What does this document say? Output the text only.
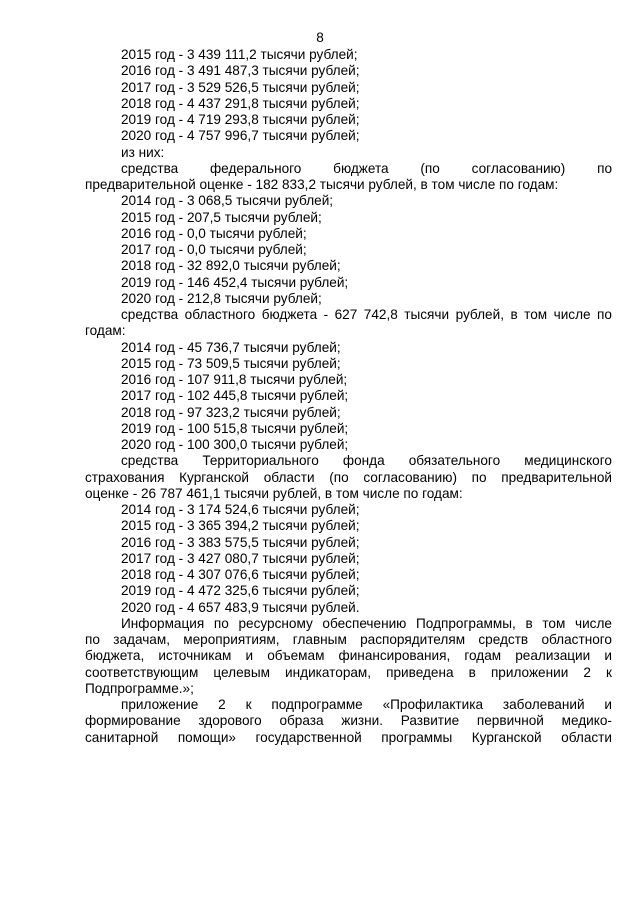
8
2015 год - 3 439 111,2 тысячи рублей;
2016 год - 3 491 487,3 тысячи рублей;
2017 год - 3 529 526,5 тысячи рублей;
2018 год - 4 437 291,8 тысячи рублей;
2019 год - 4 719 293,8 тысячи рублей;
2020 год - 4 757 996,7 тысячи рублей;
из них:
средства федерального бюджета (по согласованию) по
предварительной оценке - 182 833,2 тысячи рублей, в том числе по годам:
2014 год - 3 068,5 тысячи рублей;
2015 год - 207,5 тысячи рублей;
2016 год - 0,0 тысячи рублей;
2017 год - 0,0 тысячи рублей;
2018 год - 32 892,0 тысячи рублей;
2019 год - 146 452,4 тысячи рублей;
2020 год - 212,8 тысячи рублей;
средства областного бюджета - 627 742,8 тысячи рублей, в том числе по
годам:
2014 год - 45 736,7 тысячи рублей;
2015 год - 73 509,5 тысячи рублей;
2016 год - 107 911,8 тысячи рублей;
2017 год - 102 445,8 тысячи рублей;
2018 год - 97 323,2 тысячи рублей;
2019 год - 100 515,8 тысячи рублей;
2020 год - 100 300,0 тысячи рублей;
средства Территориального фонда обязательного медицинского
страхования Курганской области (по согласованию) по предварительной
оценке - 26 787 461,1 тысячи рублей, в том числе по годам:
2014 год - 3 174 524,6 тысячи рублей;
2015 год - 3 365 394,2 тысячи рублей;
2016 год - 3 383 575,5 тысячи рублей;
2017 год - 3 427 080,7 тысячи рублей;
2018 год - 4 307 076,6 тысячи рублей;
2019 год - 4 472 325,6 тысячи рублей;
2020 год - 4 657 483,9 тысячи рублей.
Информация по ресурсному обеспечению Подпрограммы, в том числе
по задачам, мероприятиям, главным распорядителям средств областного
бюджета, источникам и объемам финансирования, годам реализации и
соответствующим целевым индикаторам, приведена в приложении 2 к
Подпрограмме.»;
приложение 2 к подпрограмме «Профилактика заболеваний и
формирование здорового образа жизни. Развитие первичной медико-
санитарной помощи» государственной программы Курганской области
